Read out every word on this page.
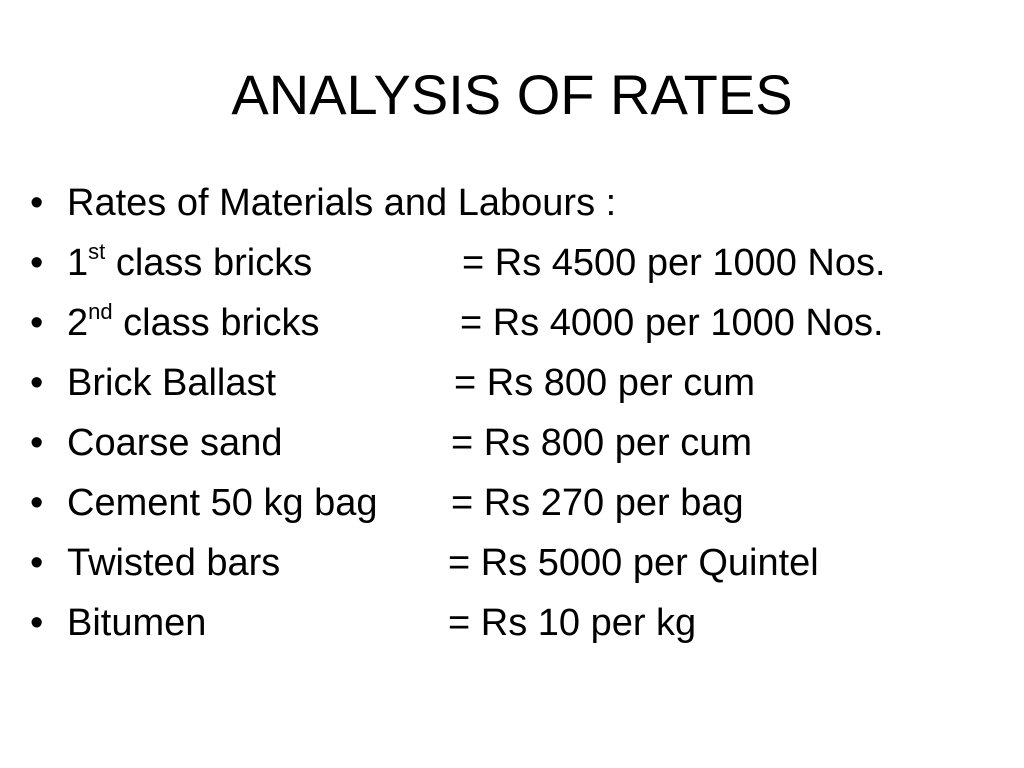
ANALYSIS OF RATES
• Rates of Materials and Labours :
• 1st class bricks	= Rs 4500 per 1000 Nos.
• 2nd class bricks	= Rs 4000 per 1000 Nos.
• Brick Ballast	= Rs 800 per cum
• Coarse sand	= Rs 800 per cum
• Cement 50 kg bag = Rs 270 per bag
• Twisted bars	= Rs 5000 per Quintel
• Bitumen	= Rs 10 per kg
